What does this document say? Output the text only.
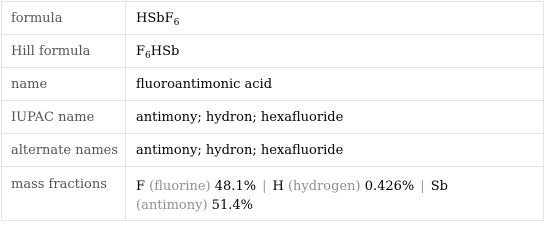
formula	HSbF$_6$
Hill formula	$F_6HSb$
name	fluoroantimonic acid
IUPAC name	antimony; hydron; hexafluoride
alternate names	antimony; hydron; hexafluoride
mass fractions	F (fluorine) 48.1% | H (hydrogen) 0.426% | Sb
(antimony) 51.4%
